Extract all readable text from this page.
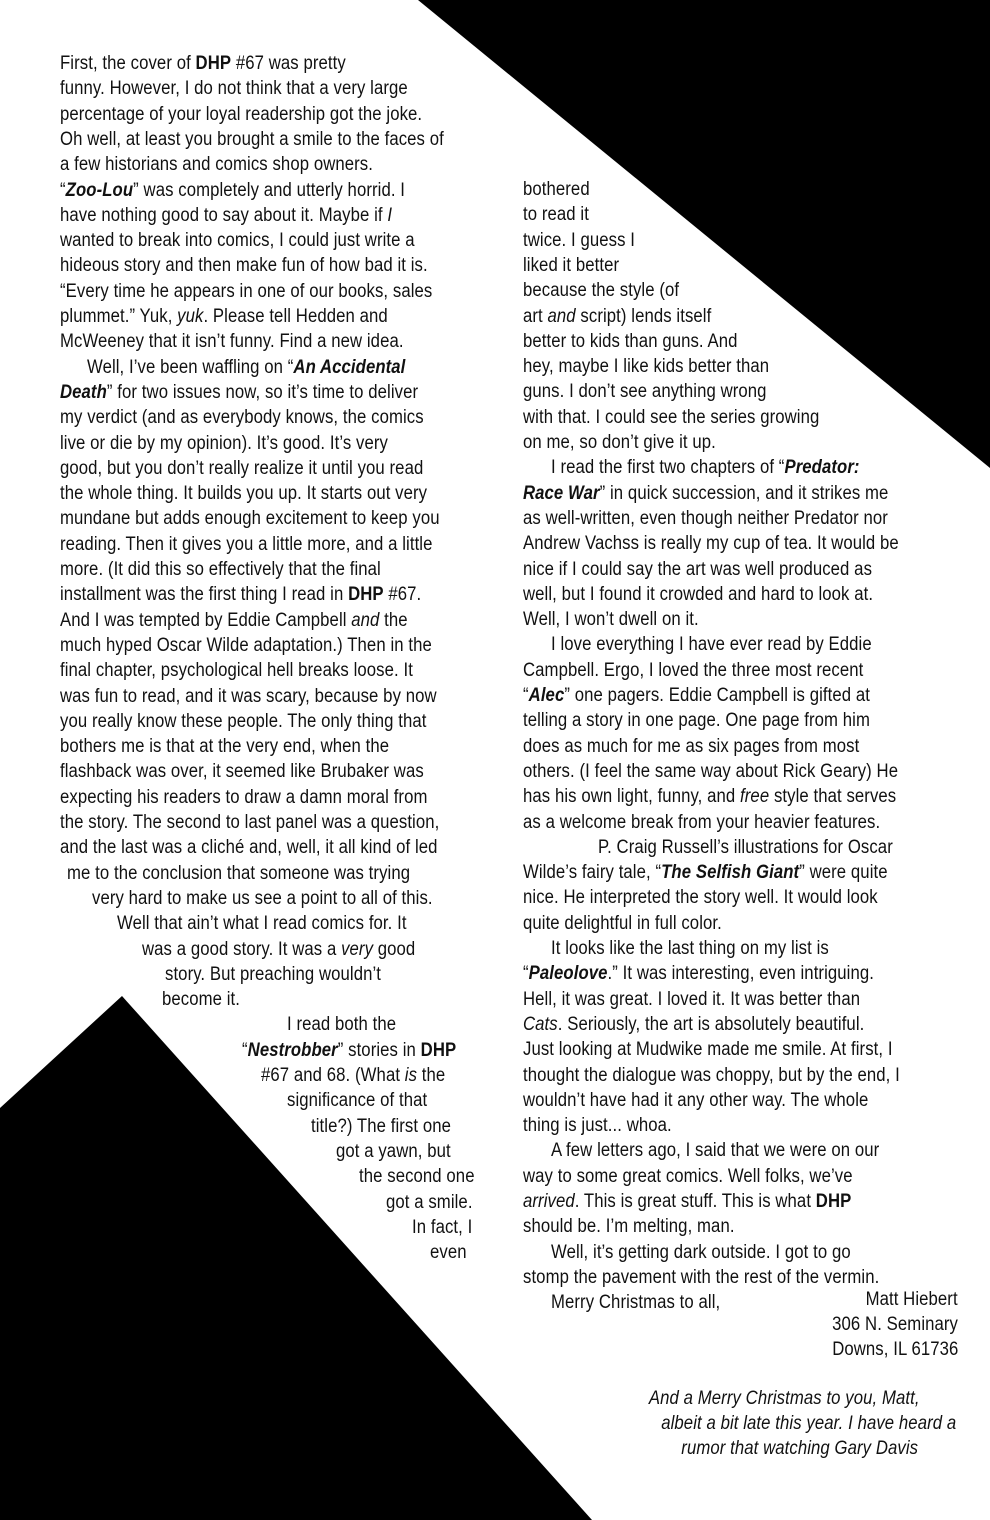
First, the cover of DHP #67 was pretty
funny. However, I do not think that a very large
percentage of your loyal readership got the joke.
Oh well, at least you brought a smile to the faces of
a few historians and comics shop owners.
“Zoo-Lou” was completely and utterly horrid. I
have nothing good to say about it. Maybe if I
wanted to break into comics, I could just write a
hideous story and then make fun of how bad it is.
“Every time he appears in one of our books, sales
plummet.” Yuk, yuk. Please tell Hedden and
McWeeney that it isn’t funny. Find a new idea.
Well, I’ve been waffling on “An Accidental
Death” for two issues now, so it’s time to deliver
my verdict (and as everybody knows, the comics
live or die by my opinion). It’s good. It’s very
good, but you don’t really realize it until you read
the whole thing. It builds you up. It starts out very
mundane but adds enough excitement to keep you
reading. Then it gives you a little more, and a little
more. (It did this so effectively that the final
installment was the first thing I read in DHP #67.
And I was tempted by Eddie Campbell and the
much hyped Oscar Wilde adaptation.) Then in the
final chapter, psychological hell breaks loose. It
was fun to read, and it was scary, because by now
you really know these people. The only thing that
bothers me is that at the very end, when the
flashback was over, it seemed like Brubaker was
expecting his readers to draw a damn moral from
the story. The second to last panel was a question,
and the last was a cliché and, well, it all kind of led
me to the conclusion that someone was trying
very hard to make us see a point to all of this.
Well that ain’t what I read comics for. It
was a good story. It was a very good
story. But preaching wouldn’t
become it.
I read both the
“Nestrobber” stories in DHP
#67 and 68. (What is the
significance of that
title?) The first one
got a yawn, but
the second one
got a smile.
In fact, I
even
bothered
to read it
twice. I guess I
liked it better
because the style (of
art and script) lends itself
better to kids than guns. And
hey, maybe I like kids better than
guns. I don’t see anything wrong
with that. I could see the series growing
on me, so don’t give it up.
I read the first two chapters of “Predator:
Race War” in quick succession, and it strikes me
as well-written, even though neither Predator nor
Andrew Vachss is really my cup of tea. It would be
nice if I could say the art was well produced as
well, but I found it crowded and hard to look at.
Well, I won’t dwell on it.
I love everything I have ever read by Eddie
Campbell. Ergo, I loved the three most recent
“Alec” one pagers. Eddie Campbell is gifted at
telling a story in one page. One page from him
does as much for me as six pages from most
others. (I feel the same way about Rick Geary) He
has his own light, funny, and free style that serves
as a welcome break from your heavier features.
P. Craig Russell’s illustrations for Oscar
Wilde’s fairy tale, “The Selfish Giant” were quite
nice. He interpreted the story well. It would look
quite delightful in full color.
It looks like the last thing on my list is
“Paleolove.” It was interesting, even intriguing.
Hell, it was great. I loved it. It was better than
Cats. Seriously, the art is absolutely beautiful.
Just looking at Mudwike made me smile. At first, I
thought the dialogue was choppy, but by the end, I
wouldn’t have had it any other way. The whole
thing is just... whoa.
A few letters ago, I said that we were on our
way to some great comics. Well folks, we’ve
arrived. This is great stuff. This is what DHP
should be. I’m melting, man.
Well, it’s getting dark outside. I got to go
stomp the pavement with the rest of the vermin.
Merry Christmas to all,	Matt Hiebert
306 N. Seminary
Downs, IL 61736
And a Merry Christmas to you, Matt,
albeit a bit late this year. I have heard a
rumor that watching Gary Davis
